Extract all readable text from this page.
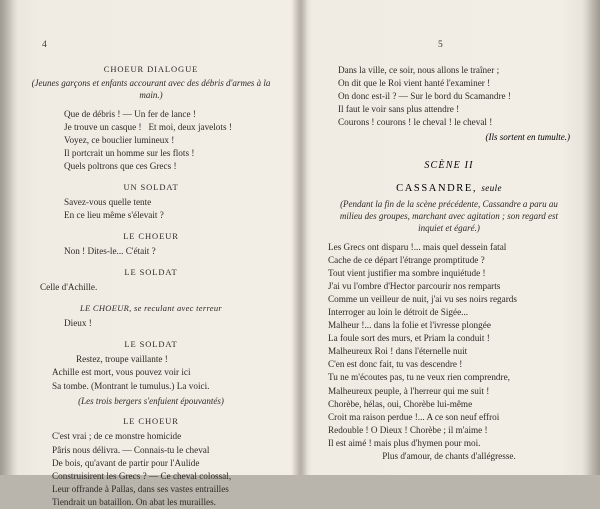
4
CHOEUR DIALOGUE
(Jeunes garçons et enfants accourant avec des débris d'armes à la main.)
Que de débris ! — Un fer de lance !
Je trouve un casque !   Et moi, deux javelots !
Voyez, ce bouclier lumineux !
Il portcrait un homme sur les flots !
Quels poltrons que ces Grecs !
UN SOLDAT
Savez-vous quelle tente
En ce lieu même s'élevait ?
LE CHOEUR
Non ! Dites-le... C'était ?
LE SOLDAT
Celle d'Achille.
LE CHOEUR, se reculant avec terreur
Dieux !
LE SOLDAT
Restez, troupe vaillante !
Achille est mort, vous pouvez voir ici
Sa tombe. (Montrant le tumulus.) La voici.
(Les trois bergers s'enfuient épouvantés)
LE CHOEUR
C'est vrai ; de ce monstre homicide
Pâris nous délivra. — Connais-tu le cheval
De bois, qu'avant de partir pour l'Aulide
Construisirent les Grecs ? — Ce cheval colossal,
Leur offrande à Pallas, dans ses vastes entrailles
Tiendrait un bataillon. On abat les murailles.
5
Dans la ville, ce soir, nous allons le traîner ;
On dit que le Roi vient hanté l'examiner !
On donc est-il ? — Sur le bord du Scamandre !
Il faut le voir sans plus attendre !
Courons ! courons ! le cheval ! le cheval !
(Ils sortent en tumulte.)
SCÈNE II
CASSANDRE, seule
(Pendant la fin de la scène précédente, Cassandre a paru au milieu des groupes, marchant avec agitation ; son regard est inquiet et égaré.)
Les Grecs ont disparu !... mais quel dessein fatal
Cache de ce départ l'étrange promptitude ?
Tout vient justifier ma sombre inquiétude !
J'ai vu l'ombre d'Hector parcourir nos remparts
Comme un veilleur de nuit, j'ai vu ses noirs regards
Interroger au loin le détroit de Sigée...
Malheur !... dans la folie et l'ivresse plongée
La foule sort des murs, et Priam la conduit !
Malheureux Roi ! dans l'éternelle nuit
C'en est donc fait, tu vas descendre !
Tu ne m'écoutes pas, tu ne veux rien comprendre,
Malheureux peuple, à l'herreur qui me suit !
Chorèbe, hélas, oui, Chorèbe lui-même
Croit ma raison perdue !... A ce son neuf effroi
Redouble ! O Dieux ! Chorèbe ; il m'aime !
Il est aimé ! mais plus d'hymen pour moi.
Plus d'amour, de chants d'allégresse.
